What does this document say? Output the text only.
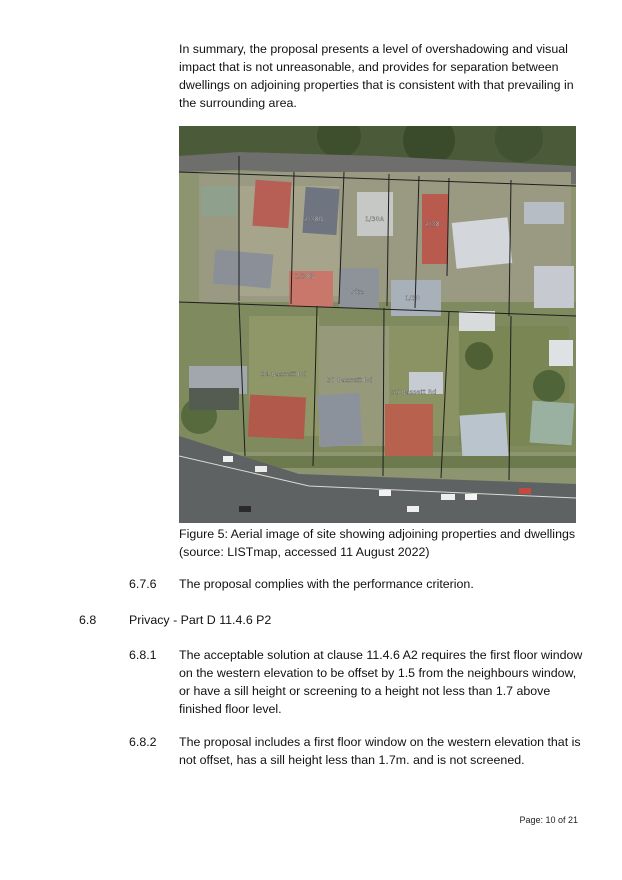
In summary, the proposal presents a level of overshadowing and visual impact that is not unreasonable, and provides for separation between dwellings on adjoining properties that is consistent with that prevailing in the surrounding area.
2/38B	1/38A
2/38
2/38B
Site
1/38
39 Bassett Rd
37 Bassett Rd
35 Bassett Rd
Figure 5: Aerial image of site showing adjoining properties and dwellings
(source: LISTmap, accessed 11 August 2022)
6.7.6 The proposal complies with the performance criterion.
6.8	Privacy - Part D 11.4.6 P2
6.8.1 The acceptable solution at clause 11.4.6 A2 requires the first floor window on the western elevation to be offset by 1.5 from the neighbours window, or have a sill height or screening to a height not less than 1.7 above finished floor level.
6.8.2 The proposal includes a first floor window on the western elevation that is not offset, has a sill height less than 1.7m. and is not screened.
Page: 10 of 21
